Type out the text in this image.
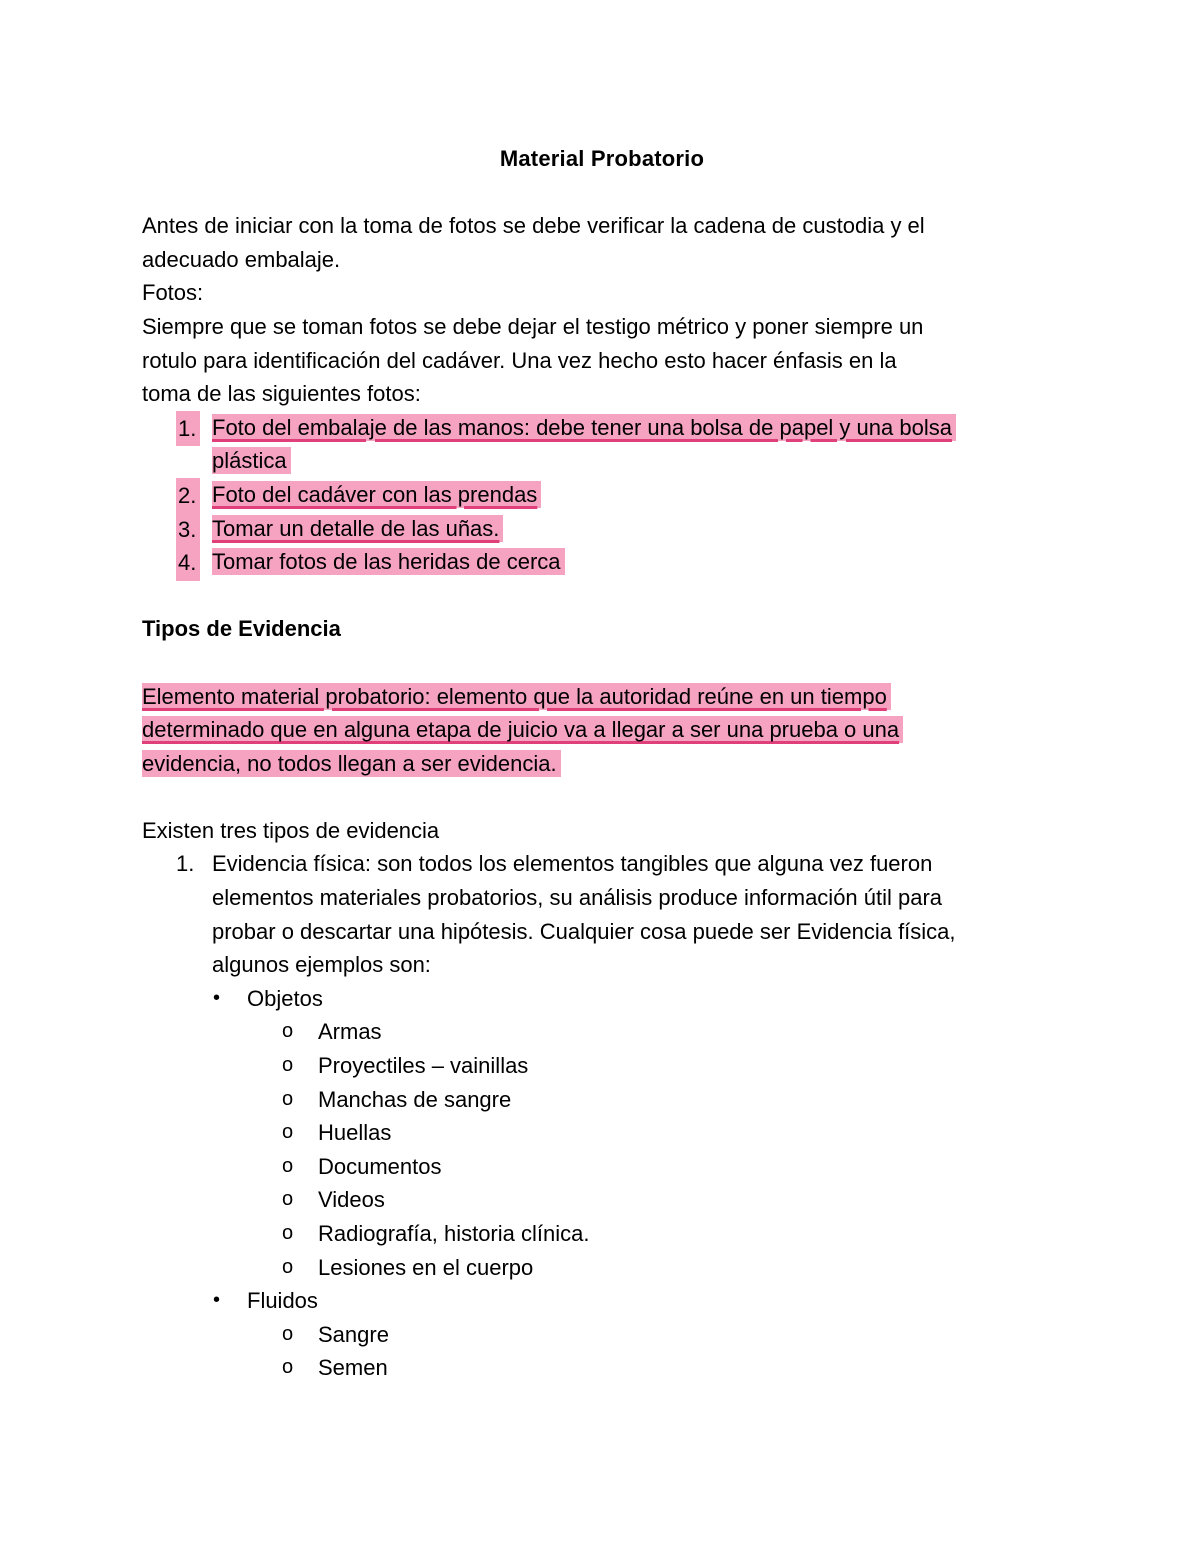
Material Probatorio

Antes de iniciar con la toma de fotos se debe verificar la cadena de custodia y el

adecuado embalaje.

Fotos:

Siempre que se toman fotos se debe dejar el testigo métrico y poner siempre un

rotulo para identificación del cadáver. Una vez hecho esto hacer énfasis en la

toma de las siguientes fotos:

1. Foto del embalaje de las manos: debe tener una bolsa de papel y una bolsa
plástica
2. Foto del cadáver con las prendas
3. Tomar un detalle de las uñas.
4. Tomar fotos de las heridas de cerca

Tipos de Evidencia

Elemento material probatorio: elemento que la autoridad reúne en un tiempo

determinado que en alguna etapa de juicio va a llegar a ser una prueba o una

evidencia, no todos llegan a ser evidencia.

Existen tres tipos de evidencia

1. Evidencia física: son todos los elementos tangibles que alguna vez fueron
elementos materiales probatorios, su análisis produce información útil para
probar o descartar una hipótesis. Cualquier cosa puede ser Evidencia física,
algunos ejemplos son:
• Objetos
o Armas
o Proyectiles – vainillas
o Manchas de sangre
o Huellas
o Documentos
o Videos
o Radiografía, historia clínica.
o Lesiones en el cuerpo
• Fluidos
o Sangre
o Semen
